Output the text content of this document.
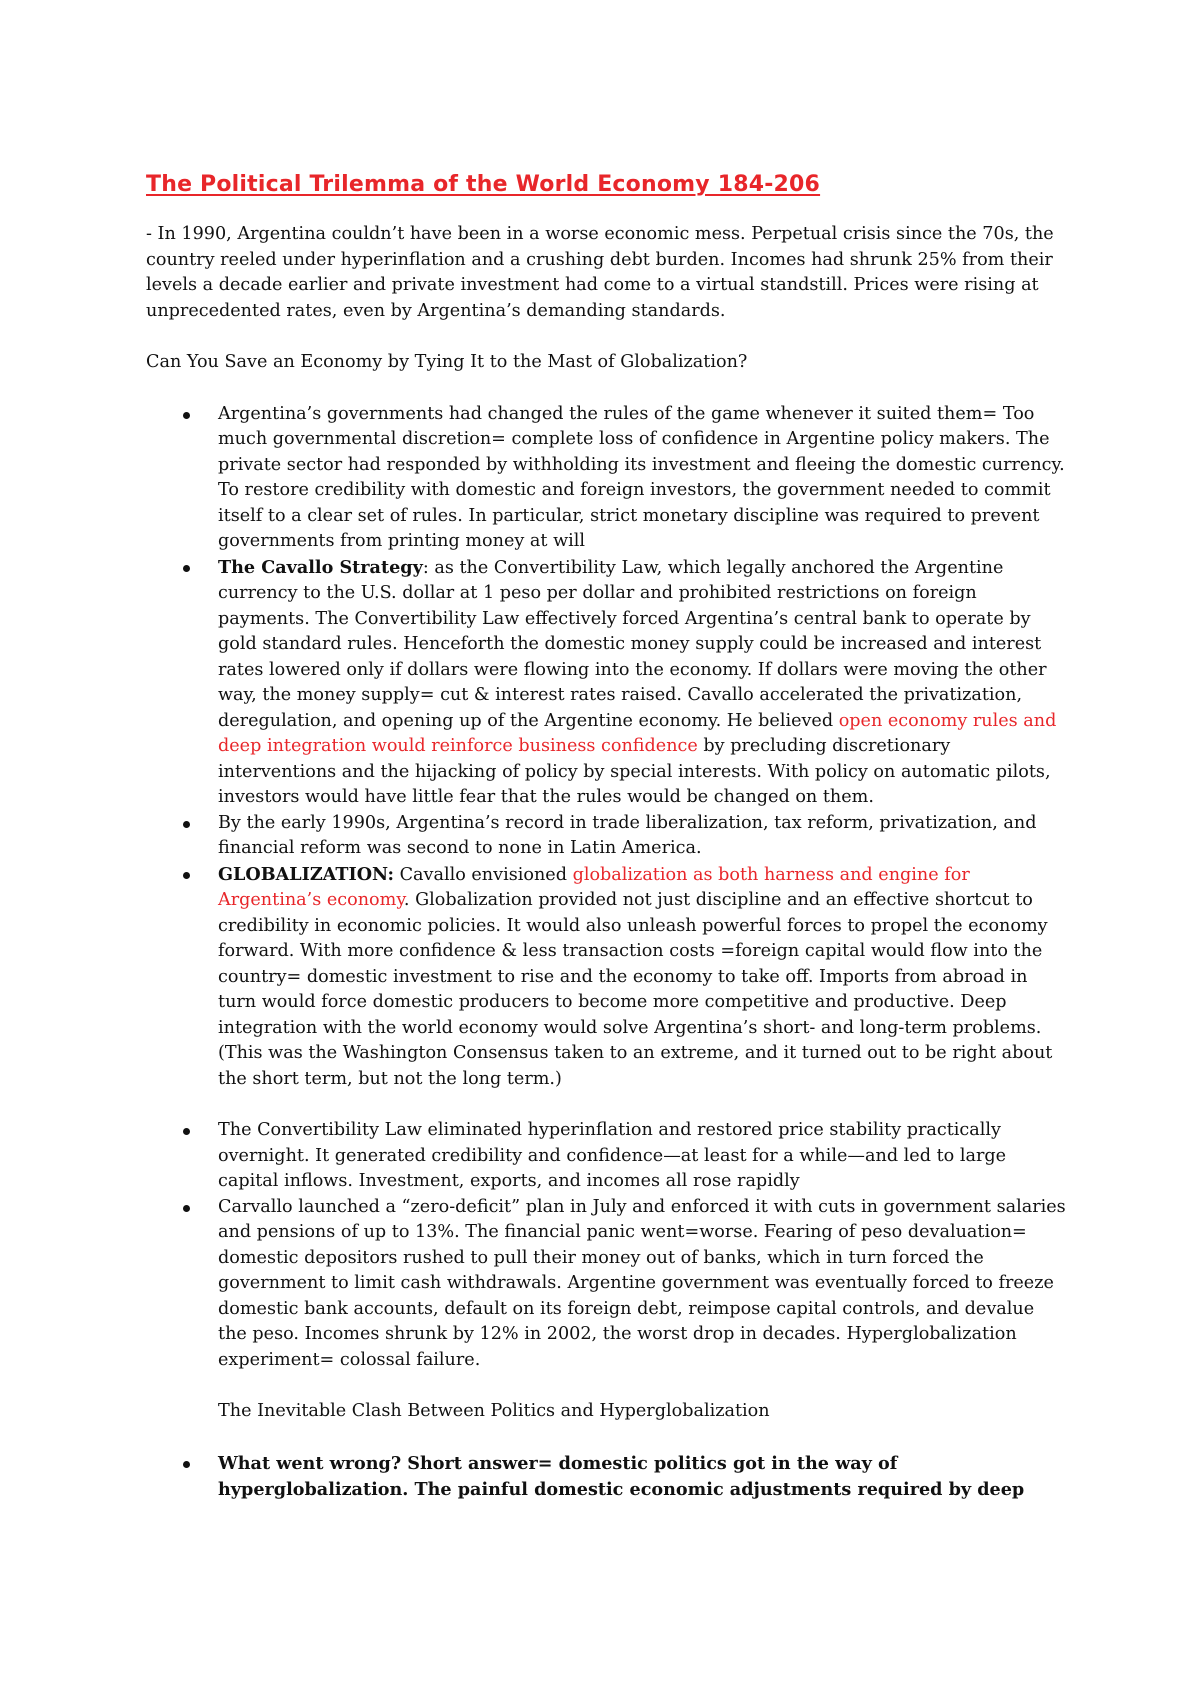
The Political Trilemma of the World Economy 184-206

- In 1990, Argentina couldn’t have been in a worse economic mess. Perpetual crisis since the 70s, the country reeled under hyperinflation and a crushing debt burden. Incomes had shrunk 25% from their levels a decade earlier and private investment had come to a virtual standstill. Prices were rising at unprecedented rates, even by Argentina’s demanding standards.

Can You Save an Economy by Tying It to the Mast of Globalization?

Argentina’s governments had changed the rules of the game whenever it suited them= Too much governmental discretion= complete loss of confidence in Argentine policy makers. The private sector had responded by withholding its investment and fleeing the domestic currency. To restore credibility with domestic and foreign investors, the government needed to commit itself to a clear set of rules. In particular, strict monetary discipline was required to prevent governments from printing money at will
The Cavallo Strategy: as the Convertibility Law, which legally anchored the Argentine currency to the U.S. dollar at 1 peso per dollar and prohibited restrictions on foreign payments. The Convertibility Law effectively forced Argentina’s central bank to operate by gold standard rules. Henceforth the domestic money supply could be increased and interest rates lowered only if dollars were flowing into the economy. If dollars were moving the other way, the money supply= cut & interest rates raised. Cavallo accelerated the privatization, deregulation, and opening up of the Argentine economy. He believed open economy rules and deep integration would reinforce business confidence by precluding discretionary interventions and the hijacking of policy by special interests. With policy on automatic pilots, investors would have little fear that the rules would be changed on them.
By the early 1990s, Argentina’s record in trade liberalization, tax reform, privatization, and financial reform was second to none in Latin America.
GLOBALIZATION: Cavallo envisioned globalization as both harness and engine for Argentina’s economy. Globalization provided not just discipline and an effective shortcut to credibility in economic policies. It would also unleash powerful forces to propel the economy forward. With more confidence & less transaction costs =foreign capital would flow into the country= domestic investment to rise and the economy to take off. Imports from abroad in turn would force domestic producers to become more competitive and productive. Deep integration with the world economy would solve Argentina’s short- and long-term problems. (This was the Washington Consensus taken to an extreme, and it turned out to be right about the short term, but not the long term.)
The Convertibility Law eliminated hyperinflation and restored price stability practically overnight. It generated credibility and confidence—at least for a while—and led to large capital inflows. Investment, exports, and incomes all rose rapidly
Carvallo launched a “zero-deficit” plan in July and enforced it with cuts in government salaries and pensions of up to 13%. The financial panic went=worse. Fearing of peso devaluation= domestic depositors rushed to pull their money out of banks, which in turn forced the government to limit cash withdrawals. Argentine government was eventually forced to freeze domestic bank accounts, default on its foreign debt, reimpose capital controls, and devalue the peso. Incomes shrunk by 12% in 2002, the worst drop in decades. Hyperglobalization experiment= colossal failure.

The Inevitable Clash Between Politics and Hyperglobalization

What went wrong? Short answer= domestic politics got in the way of hyperglobalization. The painful domestic economic adjustments required by deep
